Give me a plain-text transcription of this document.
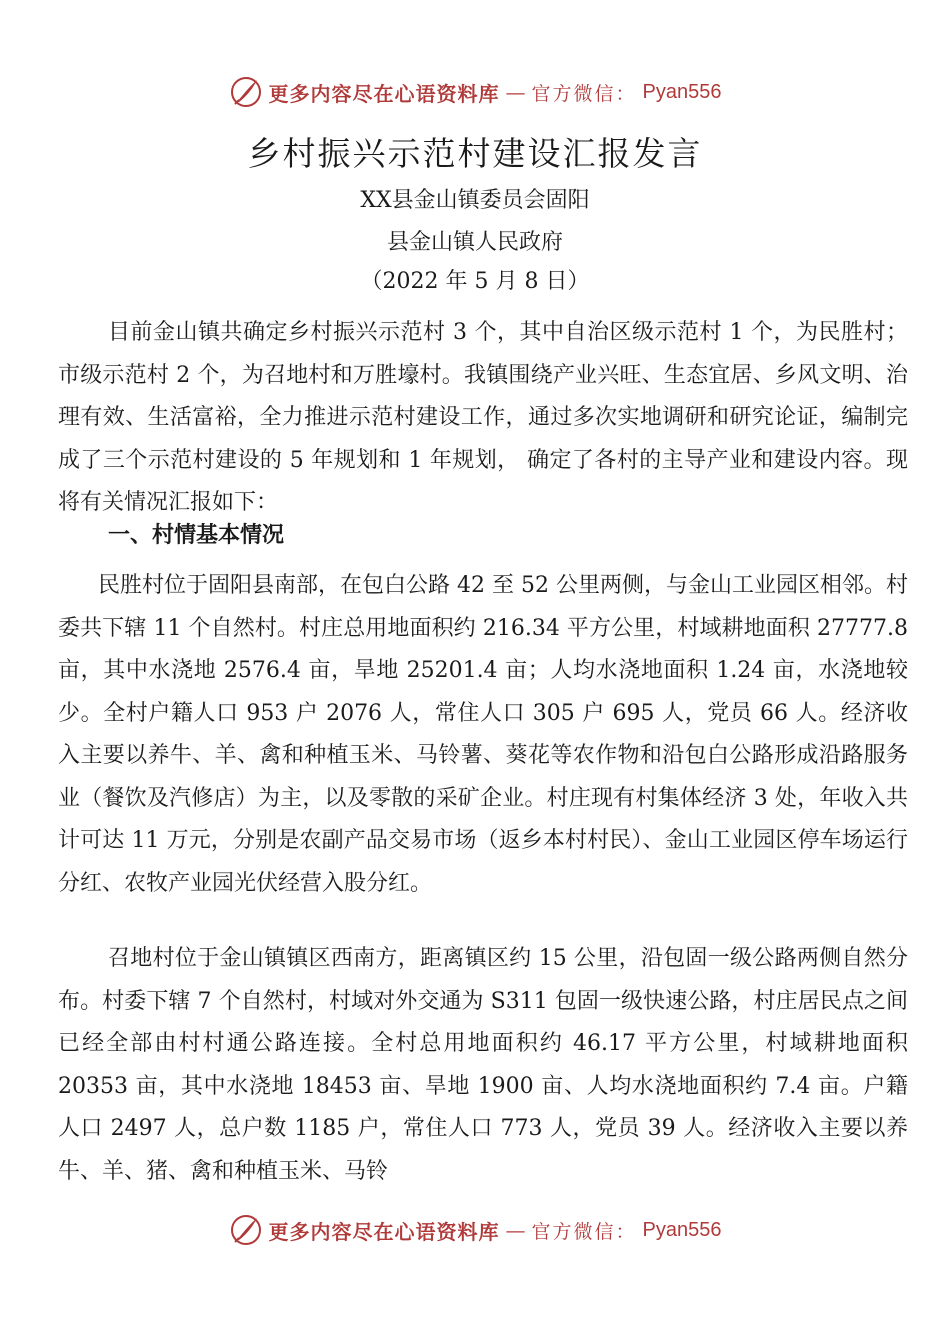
更多内容尽在心语资料库 — 官方微信： Pyan556
乡村振兴示范村建设汇报发言
XX县金山镇委员会固阳
县金山镇人民政府
（2022 年 5 月 8 日）

目前金山镇共确定乡村振兴示范村 3 个，其中自治区级示范村 1 个，为民胜村；市级示范村 2 个，为召地村和万胜壕村。我镇围绕产业兴旺、生态宜居、乡风文明、治理有效、生活富裕，全力推进示范村建设工作，通过多次实地调研和研究论证，编制完成了三个示范村建设的 5 年规划和 1 年规划， 确定了各村的主导产业和建设内容。现将有关情况汇报如下：

一、村情基本情况

民胜村位于固阳县南部，在包白公路 42 至 52 公里两侧，与金山工业园区相邻。村委共下辖 11 个自然村。村庄总用地面积约 216.34 平方公里，村域耕地面积 27777.8 亩，其中水浇地 2576.4 亩，旱地 25201.4 亩；人均水浇地面积 1.24 亩，水浇地较少。全村户籍人口 953 户 2076 人，常住人口 305 户 695 人，党员 66 人。经济收入主要以养牛、羊、禽和种植玉米、马铃薯、葵花等农作物和沿包白公路形成沿路服务业（餐饮及汽修店）为主，以及零散的采矿企业。村庄现有村集体经济 3 处，年收入共计可达 11 万元，分别是农副产品交易市场（返乡本村村民）、金山工业园区停车场运行分红、农牧产业园光伏经营入股分红。

召地村位于金山镇镇区西南方，距离镇区约 15 公里，沿包固一级公路两侧自然分布。村委下辖 7 个自然村，村域对外交通为 S311 包固一级快速公路，村庄居民点之间已经全部由村村通公路连接。全村总用地面积约 46.17 平方公里，村域耕地面积 20353 亩，其中水浇地 18453 亩、旱地 1900 亩、人均水浇地面积约 7.4 亩。户籍人口 2497 人，总户数 1185 户，常住人口 773 人，党员 39 人。经济收入主要以养牛、羊、猪、禽和种植玉米、马铃

更多内容尽在心语资料库 — 官方微信： Pyan556
